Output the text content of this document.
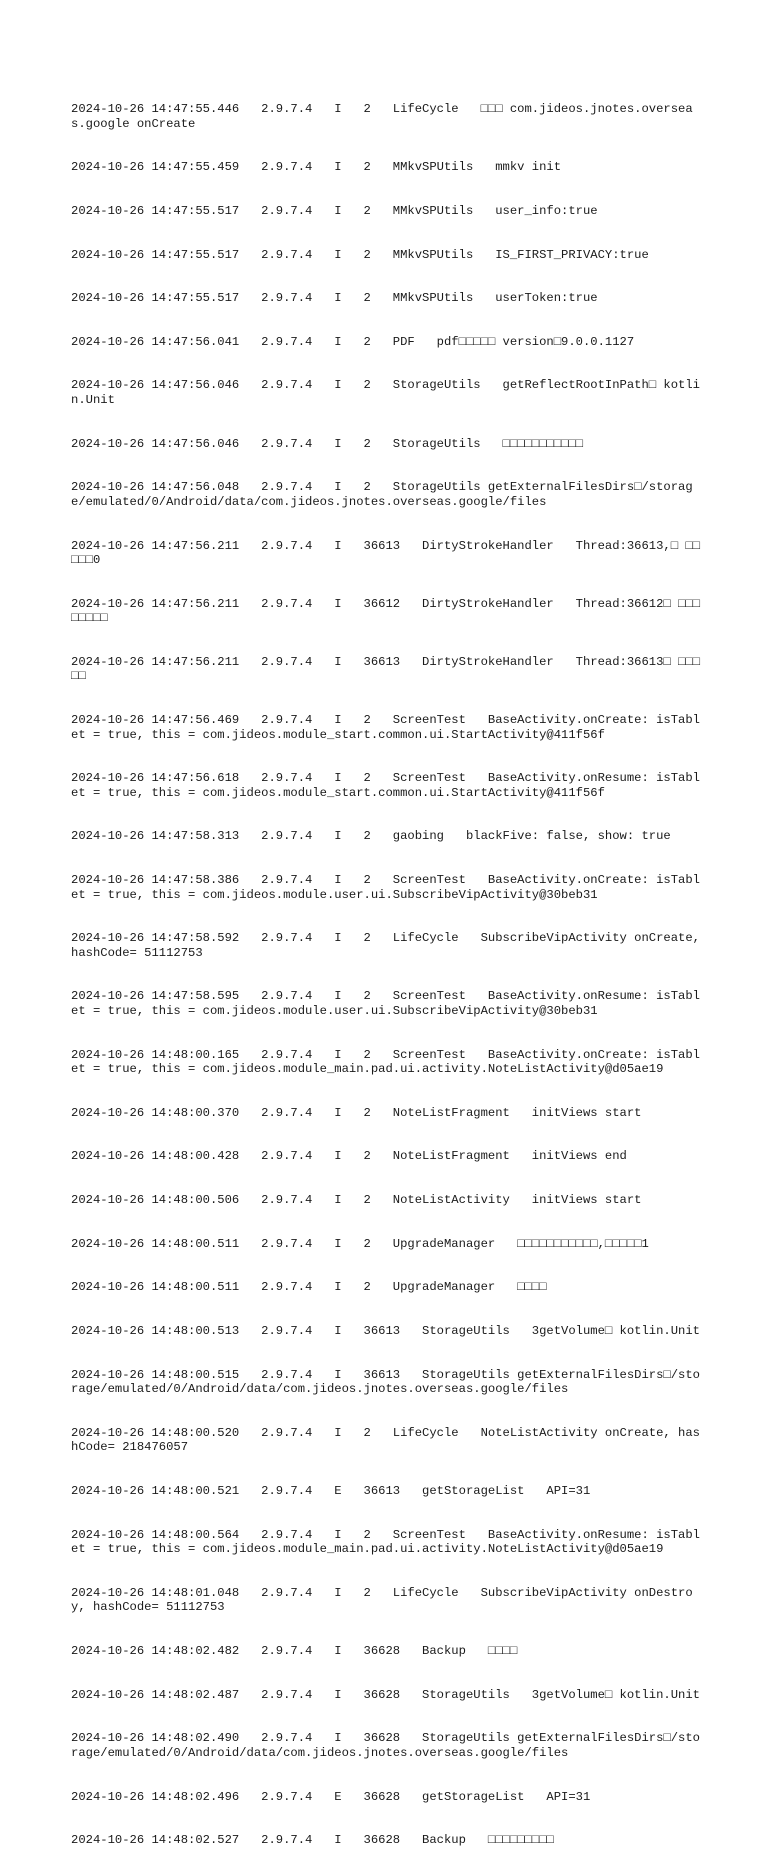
2024-10-26 14:47:55.446   2.9.7.4   I   2   LifeCycle   □□□ com.jideos.jnotes.overseas.google onCreate

2024-10-26 14:47:55.459   2.9.7.4   I   2   MMkvSPUtils   mmkv init

2024-10-26 14:47:55.517   2.9.7.4   I   2   MMkvSPUtils   user_info:true

2024-10-26 14:47:55.517   2.9.7.4   I   2   MMkvSPUtils   IS_FIRST_PRIVACY:true

2024-10-26 14:47:55.517   2.9.7.4   I   2   MMkvSPUtils   userToken:true

2024-10-26 14:47:56.041   2.9.7.4   I   2   PDF   pdf□□□□□ version□9.0.0.1127

2024-10-26 14:47:56.046   2.9.7.4   I   2   StorageUtils   getReflectRootInPath□ kotlin.Unit

2024-10-26 14:47:56.046   2.9.7.4   I   2   StorageUtils   □□□□□□□□□□□

2024-10-26 14:47:56.048   2.9.7.4   I   2   StorageUtils getExternalFilesDirs□/storage/emulated/0/Android/data/com.jideos.jnotes.overseas.google/files

2024-10-26 14:47:56.211   2.9.7.4   I   36613   DirtyStrokeHandler   Thread:36613,□ □□□□□0

2024-10-26 14:47:56.211   2.9.7.4   I   36612   DirtyStrokeHandler   Thread:36612□ □□□□□□□□

2024-10-26 14:47:56.211   2.9.7.4   I   36613   DirtyStrokeHandler   Thread:36613□ □□□□□

2024-10-26 14:47:56.469   2.9.7.4   I   2   ScreenTest   BaseActivity.onCreate: isTablet = true, this = com.jideos.module_start.common.ui.StartActivity@411f56f

2024-10-26 14:47:56.618   2.9.7.4   I   2   ScreenTest   BaseActivity.onResume: isTablet = true, this = com.jideos.module_start.common.ui.StartActivity@411f56f

2024-10-26 14:47:58.313   2.9.7.4   I   2   gaobing   blackFive: false, show: true

2024-10-26 14:47:58.386   2.9.7.4   I   2   ScreenTest   BaseActivity.onCreate: isTablet = true, this = com.jideos.module.user.ui.SubscribeVipActivity@30beb31

2024-10-26 14:47:58.592   2.9.7.4   I   2   LifeCycle   SubscribeVipActivity onCreate, hashCode= 51112753

2024-10-26 14:47:58.595   2.9.7.4   I   2   ScreenTest   BaseActivity.onResume: isTablet = true, this = com.jideos.module.user.ui.SubscribeVipActivity@30beb31

2024-10-26 14:48:00.165   2.9.7.4   I   2   ScreenTest   BaseActivity.onCreate: isTablet = true, this = com.jideos.module_main.pad.ui.activity.NoteListActivity@d05ae19

2024-10-26 14:48:00.370   2.9.7.4   I   2   NoteListFragment   initViews start

2024-10-26 14:48:00.428   2.9.7.4   I   2   NoteListFragment   initViews end

2024-10-26 14:48:00.506   2.9.7.4   I   2   NoteListActivity   initViews start

2024-10-26 14:48:00.511   2.9.7.4   I   2   UpgradeManager   □□□□□□□□□□□,□□□□□1

2024-10-26 14:48:00.511   2.9.7.4   I   2   UpgradeManager   □□□□

2024-10-26 14:48:00.513   2.9.7.4   I   36613   StorageUtils   3getVolume□ kotlin.Unit

2024-10-26 14:48:00.515   2.9.7.4   I   36613   StorageUtils getExternalFilesDirs□/storage/emulated/0/Android/data/com.jideos.jnotes.overseas.google/files

2024-10-26 14:48:00.520   2.9.7.4   I   2   LifeCycle   NoteListActivity onCreate, hashCode= 218476057

2024-10-26 14:48:00.521   2.9.7.4   E   36613   getStorageList   API=31

2024-10-26 14:48:00.564   2.9.7.4   I   2   ScreenTest   BaseActivity.onResume: isTablet = true, this = com.jideos.module_main.pad.ui.activity.NoteListActivity@d05ae19

2024-10-26 14:48:01.048   2.9.7.4   I   2   LifeCycle   SubscribeVipActivity onDestroy, hashCode= 51112753

2024-10-26 14:48:02.482   2.9.7.4   I   36628   Backup   □□□□

2024-10-26 14:48:02.487   2.9.7.4   I   36628   StorageUtils   3getVolume□ kotlin.Unit

2024-10-26 14:48:02.490   2.9.7.4   I   36628   StorageUtils getExternalFilesDirs□/storage/emulated/0/Android/data/com.jideos.jnotes.overseas.google/files

2024-10-26 14:48:02.496   2.9.7.4   E   36628   getStorageList   API=31

2024-10-26 14:48:02.527   2.9.7.4   I   36628   Backup   □□□□□□□□□
